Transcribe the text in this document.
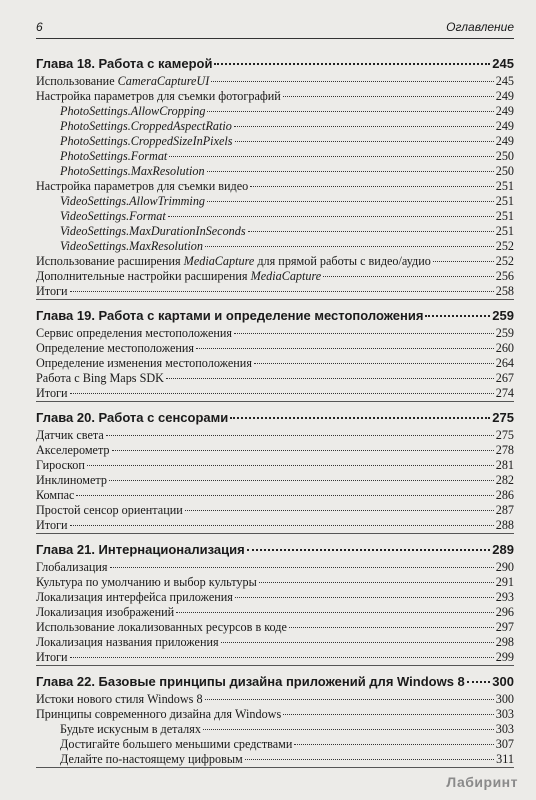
6	Оглавление
Глава 18. Работа с камерой	245
Использование CameraCaptureUI	245
Настройка параметров для съемки фотографий	249
PhotoSettings.AllowCropping	249
PhotoSettings.CroppedAspectRatio	249
PhotoSettings.CroppedSizeInPixels	249
PhotoSettings.Format	250
PhotoSettings.MaxResolution	250
Настройка параметров для съемки видео	251
VideoSettings.AllowTrimming	251
VideoSettings.Format	251
VideoSettings.MaxDurationInSeconds	251
VideoSettings.MaxResolution	252
Использование расширения MediaCapture для прямой работы с видео/аудио	252
Дополнительные настройки расширения MediaCapture	256
Итоги	258
Глава 19. Работа с картами и определение местоположения	259
Сервис определения местоположения	259
Определение местоположения	260
Определение изменения местоположения	264
Работа с Bing Maps SDK	267
Итоги	274
Глава 20. Работа с сенсорами	275
Датчик света	275
Акселерометр	278
Гироскоп	281
Инклинометр	282
Компас	286
Простой сенсор ориентации	287
Итоги	288
Глава 21. Интернационализация	289
Глобализация	290
Культура по умолчанию и выбор культуры	291
Локализация интерфейса приложения	293
Локализация изображений	296
Использование локализованных ресурсов в коде	297
Локализация названия приложения	298
Итоги	299
Глава 22. Базовые принципы дизайна приложений для Windows 8 300
Истоки нового стиля Windows 8	300
Принципы современного дизайна для Windows	303
Будьте искусным в деталях	303
Достигайте большего меньшими средствами	307
Делайте по-настоящему цифровым	311
Лабиринт
